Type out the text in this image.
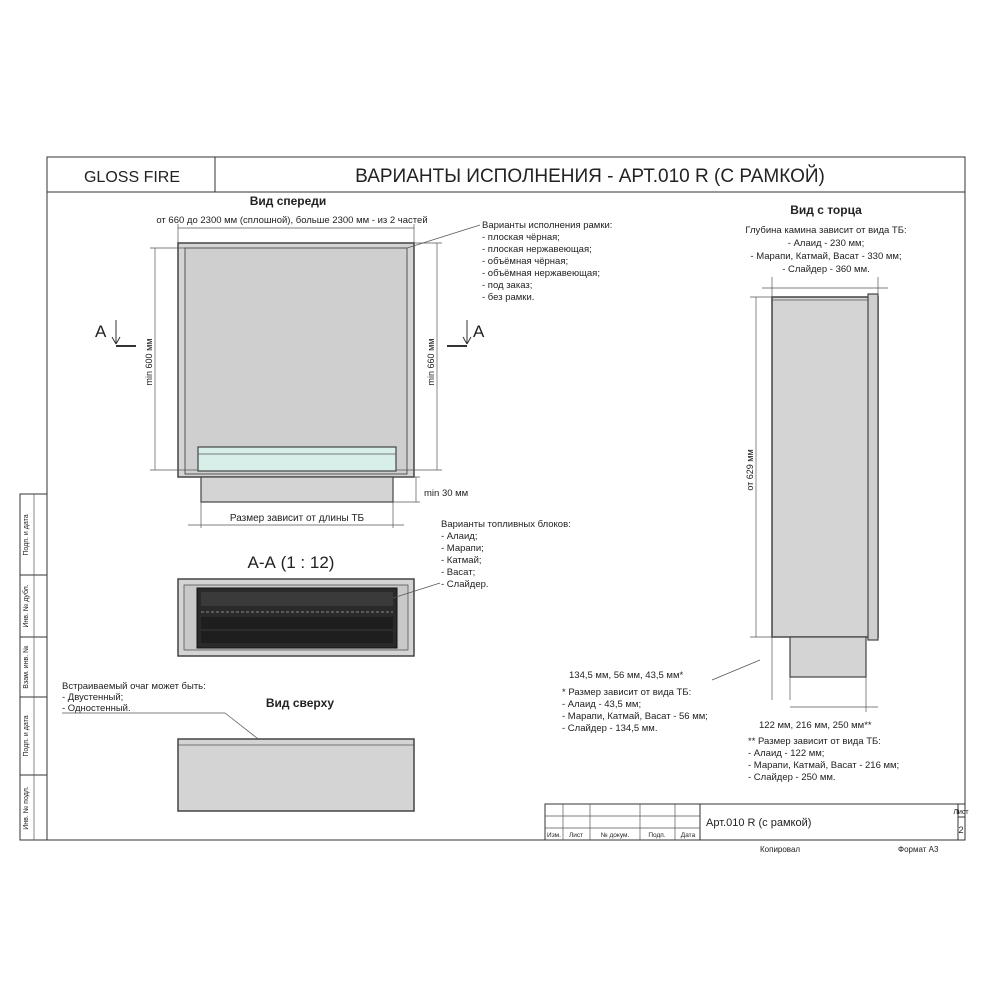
GLOSS FIRE	ВАРИАНТЫ ИСПОЛНЕНИЯ - АРТ.010 R (С РАМКОЙ)
Подп. и дата
Инв. № дубл.
Взам. инв. №
Подп. и дата
Инв. № подл.
Вид спереди
от 660 до 2300 мм (сплошной), больше 2300 мм - из 2 частей
min 600 мм	min 660 мм
min 30 мм
Размер зависит от длины ТБ
A	A
Варианты исполнения рамки:
- плоская чёрная;
- плоская нержавеющая;
- объёмная чёрная;
- объёмная нержавеющая;
- под заказ;
- без рамки.
А-А (1 : 12)
Варианты топливных блоков:
- Алаид;
- Марапи;
- Катмай;
- Васат;
- Слайдер.
Встраиваемый очаг может быть:
- Двустенный;
- Одностенный.	Вид сверху
Вид с торца
Глубина камина зависит от вида ТБ:
- Алаид - 230 мм;
- Марапи, Катмай, Васат - 330 мм;
- Слайдер - 360 мм.
от 629 мм
134,5 мм, 56 мм, 43,5 мм*
* Размер зависит от вида ТБ:
- Алаид - 43,5 мм;
- Марапи, Катмай, Васат - 56 мм;
- Слайдер - 134,5 мм.	122 мм, 216 мм, 250 мм**
** Размер зависит от вида ТБ:
- Алаид - 122 мм;
- Марапи, Катмай, Васат - 216 мм;
- Слайдер - 250 мм.
Изм. Лист	№ докум.	Подп. Дата
Арт.010 R (с рамкой)
Лист
2
Копировал	Формат А3
